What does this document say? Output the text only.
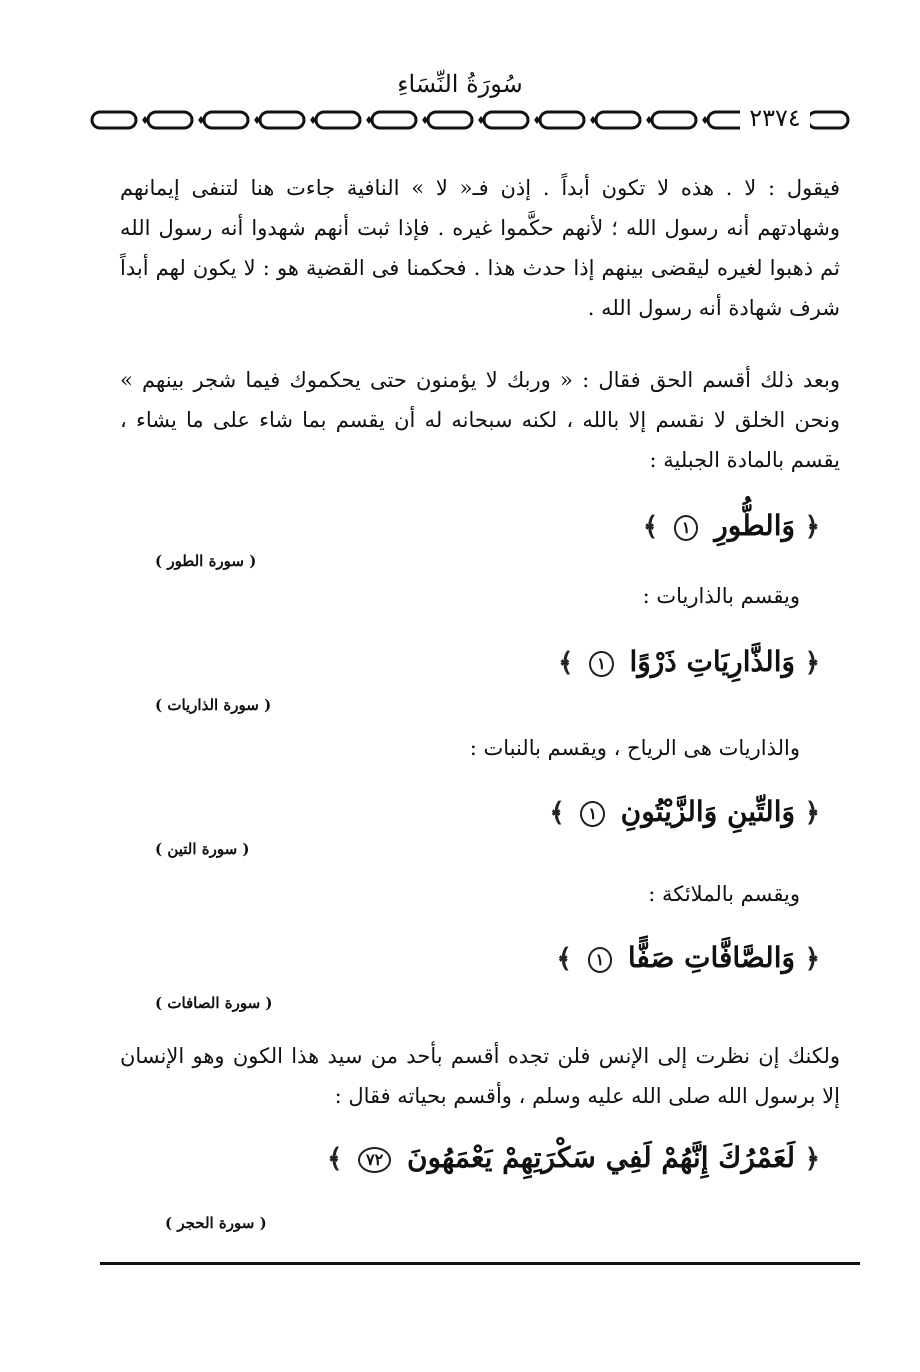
سُورَةُ النِّسَاءِ
٢٣٧٤

فيقول : لا . هذه لا تكون أبداً . إذن فـ« لا » النافية جاءت هنا لتنفى إيمانهم وشهادتهم أنه رسول الله ؛ لأنهم حكَّموا غيره . فإذا ثبت أنهم شهدوا أنه رسول الله ثم ذهبوا لغيره ليقضى بينهم إذا حدث هذا . فحكمنا فى القضية هو : لا يكون لهم أبداً شرف شهادة أنه رسول الله .

وبعد ذلك أقسم الحق فقال : « وربك لا يؤمنون حتى يحكموك فيما شجر بينهم » ونحن الخلق لا نقسم إلا بالله ، لكنه سبحانه له أن يقسم بما شاء على ما يشاء ، يقسم بالمادة الجبلية :

﴿ وَالطُّورِ ١ ﴾
( سورة الطور )

ويقسم بالذاريات :

﴿ وَالذَّارِيَاتِ ذَرْوًا ١ ﴾
( سورة الذاريات )

والذاريات هى الرياح ، ويقسم بالنبات :

﴿ وَالتِّينِ وَالزَّيْتُونِ ١ ﴾
( سورة التين )

ويقسم بالملائكة :

﴿ وَالصَّافَّاتِ صَفًّا ١ ﴾
( سورة الصافات )

ولكنك إن نظرت إلى الإنس فلن تجده أقسم بأحد من سيد هذا الكون وهو الإنسان إلا برسول الله صلى الله عليه وسلم ، وأقسم بحياته فقال :

﴿ لَعَمْرُكَ إِنَّهُمْ لَفِي سَكْرَتِهِمْ يَعْمَهُونَ ٧٢ ﴾
( سورة الحجر )
